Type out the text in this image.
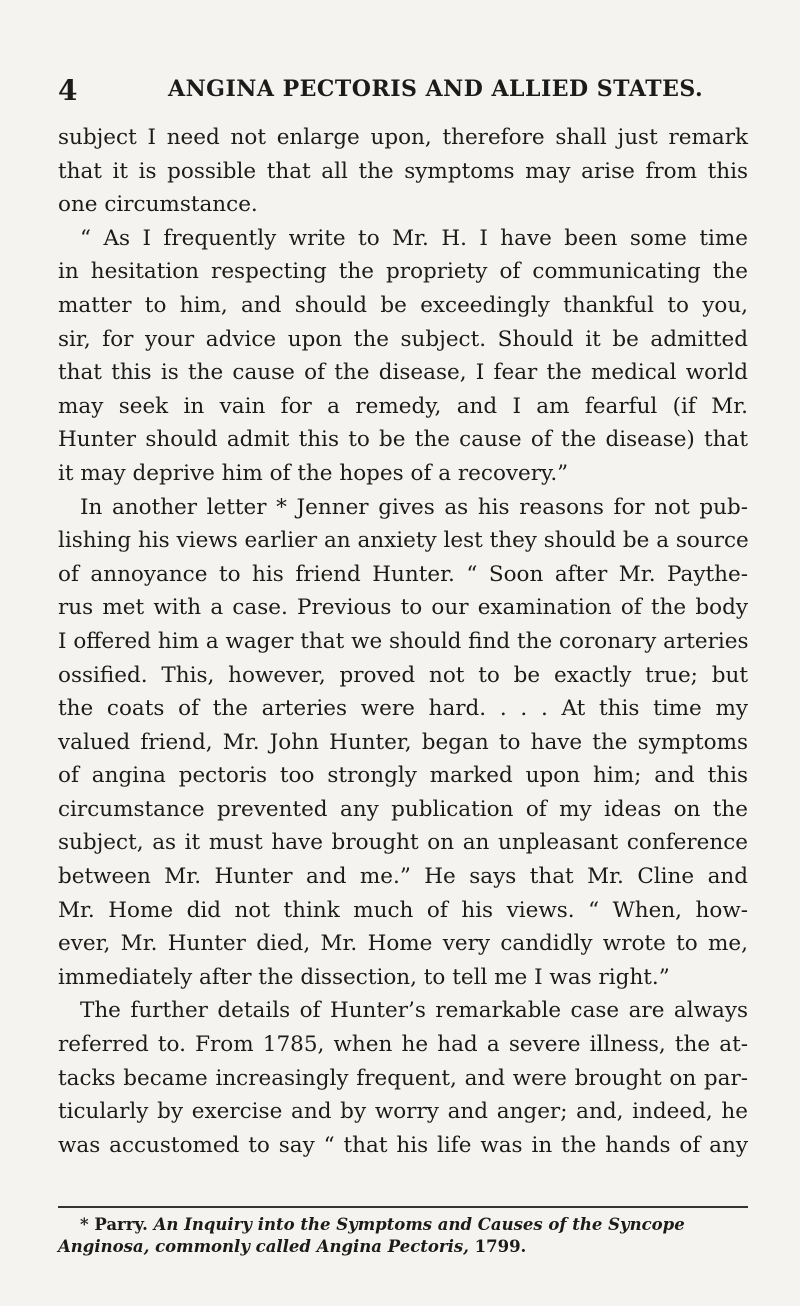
4	ANGINA PECTORIS AND ALLIED STATES.
subject I need not enlarge upon, therefore shall just remark
that it is possible that all the symptoms may arise from this
one circumstance.
“ As I frequently write to Mr. H. I have been some time
in hesitation respecting the propriety of communicating the
matter to him, and should be exceedingly thankful to you,
sir, for your advice upon the subject. Should it be admitted
that this is the cause of the disease, I fear the medical world
may seek in vain for a remedy, and I am fearful (if Mr.
Hunter should admit this to be the cause of the disease) that
it may deprive him of the hopes of a recovery.”
In another letter * Jenner gives as his reasons for not pub-
lishing his views earlier an anxiety lest they should be a source
of annoyance to his friend Hunter. “ Soon after Mr. Paythe-
rus met with a case. Previous to our examination of the body
I offered him a wager that we should find the coronary arteries
ossified. This, however, proved not to be exactly true; but
the coats of the arteries were hard. . . . At this time my
valued friend, Mr. John Hunter, began to have the symptoms
of angina pectoris too strongly marked upon him; and this
circumstance prevented any publication of my ideas on the
subject, as it must have brought on an unpleasant conference
between Mr. Hunter and me.” He says that Mr. Cline and
Mr. Home did not think much of his views. “ When, how-
ever, Mr. Hunter died, Mr. Home very candidly wrote to me,
immediately after the dissection, to tell me I was right.”
The further details of Hunter’s remarkable case are always
referred to. From 1785, when he had a severe illness, the at-
tacks became increasingly frequent, and were brought on par-
ticularly by exercise and by worry and anger; and, indeed, he
was accustomed to say “ that his life was in the hands of any
* Parry. An Inquiry into the Symptoms and Causes of the Syncope
Anginosa, commonly called Angina Pectoris, 1799.
